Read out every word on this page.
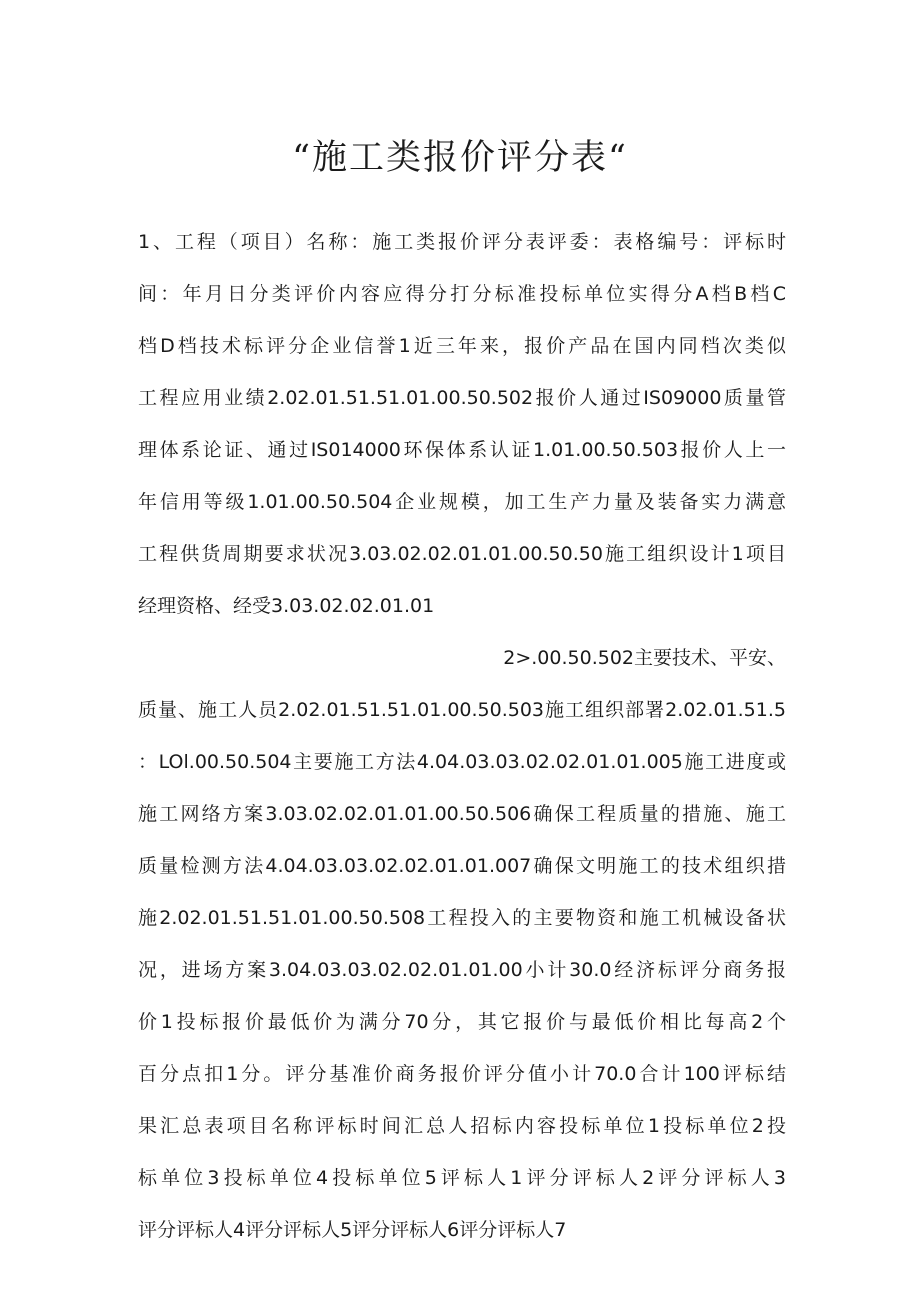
“施工类报价评分表“

1、工程（项目）名称：施工类报价评分表评委：表格编号：评标时

间：年月日分类评价内容应得分打分标准投标单位实得分A档B档C

档D档技术标评分企业信誉1近三年来，报价产品在国内同档次类似

工程应用业绩2.02.01.51.51.01.00.50.502报价人通过IS09000质量管

理体系论证、通过IS014000环保体系认证1.01.00.50.503报价人上一

年信用等级1.01.00.50.504企业规模，加工生产力量及装备实力满意

工程供货周期要求状况3.03.02.02.01.01.00.50.50施工组织设计1项目

经理资格、经受3.03.02.02.01.01

2>.00.50.502主要技术、平安、

质量、施工人员2.02.01.51.51.01.00.50.503施工组织部署2.02.01.51.5

：LOl.00.50.504主要施工方法4.04.03.03.02.02.01.01.005施工进度或

施工网络方案3.03.02.02.01.01.00.50.506确保工程质量的措施、施工

质量检测方法4.04.03.03.02.02.01.01.007确保文明施工的技术组织措

施2.02.01.51.51.01.00.50.508工程投入的主要物资和施工机械设备状

况，进场方案3.04.03.03.02.02.01.01.00小计30.0经济标评分商务报

价1投标报价最低价为满分70分，其它报价与最低价相比每高2个

百分点扣1分。评分基准价商务报价评分值小计70.0合计100评标结

果汇总表项目名称评标时间汇总人招标内容投标单位1投标单位2投

标单位3投标单位4投标单位5评标人1评分评标人2评分评标人3

评分评标人4评分评标人5评分评标人6评分评标人7
